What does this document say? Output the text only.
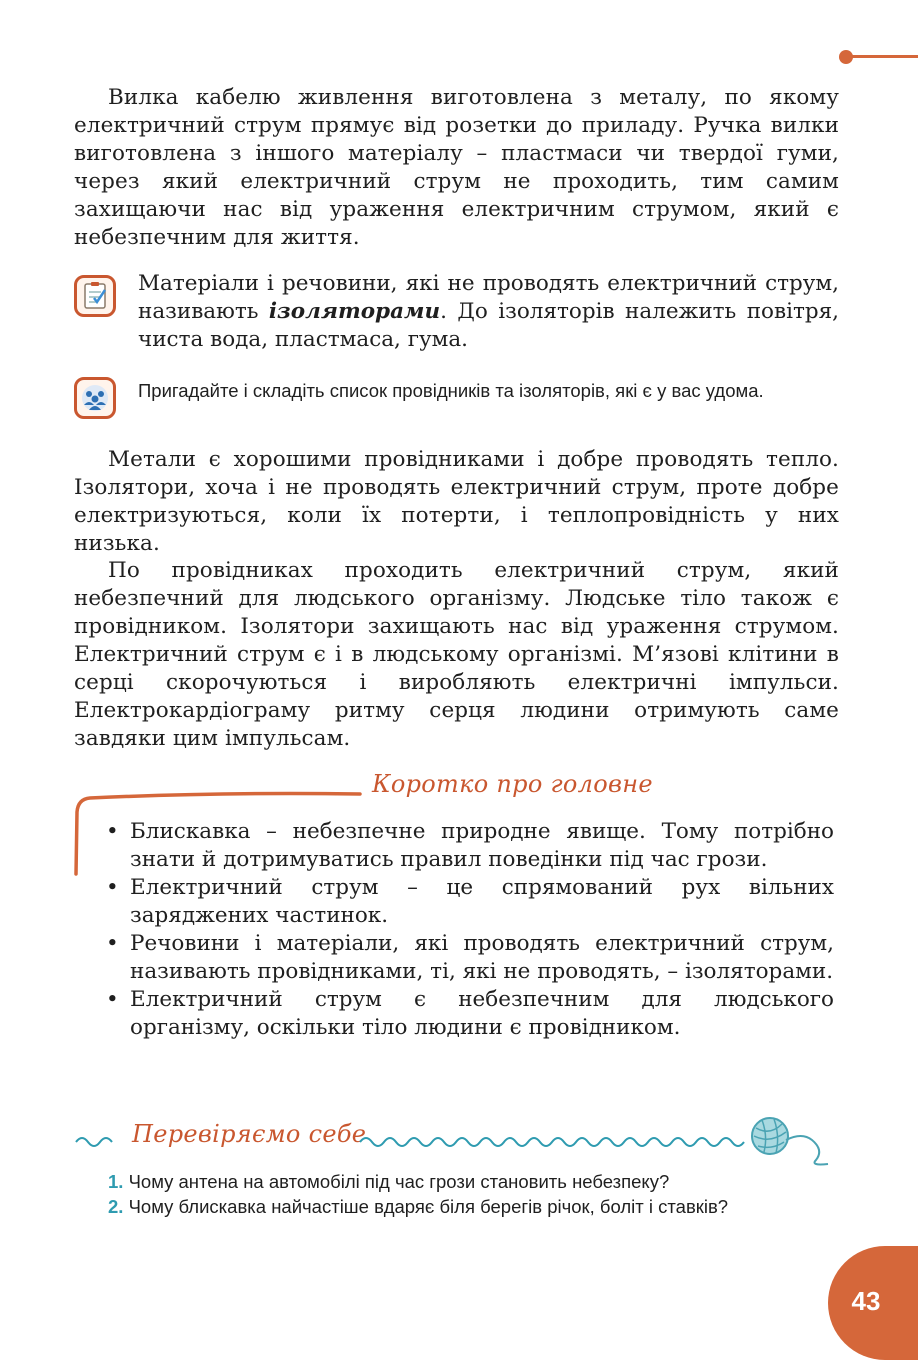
Вилка кабелю живлення виготовлена з металу, по якому електричний струм прямує від розетки до приладу. Ручка вилки виготовлена з іншого матеріалу – пластмаси чи твердої гуми, через який електричний струм не проходить, тим самим захищаючи нас від ураження електричним струмом, який є небезпечним для життя.

Матеріали і речовини, які не проводять електричний струм, називають ізоляторами. До ізоляторів належить повітря, чиста вода, пластмаса, гума.

Пригадайте і складіть список провідників та ізоляторів, які є у вас удома.

Метали є хорошими провідниками і добре проводять тепло. Ізолятори, хоча і не проводять електричний струм, проте добре електризуються, коли їх потерти, і теплопровідність у них низька.

По провідниках проходить електричний струм, який небезпечний для людського організму. Людське тіло також є провідником. Ізолятори захищають нас від ураження струмом. Електричний струм є і в людському організмі. М’язові клітини в серці скорочуються і виробляють електричні імпульси. Електрокардіограму ритму серця людини отримують саме завдяки цим імпульсам.

Коротко про головне
• Блискавка – небезпечне природне явище. Тому потрібно знати й дотримуватись правил поведінки під час грози.
• Електричний струм – це спрямований рух вільних заряджених частинок.
• Речовини і матеріали, які проводять електричний струм, називають провідниками, ті, які не проводять, – ізоляторами.
• Електричний струм є небезпечним для людського організму, оскільки тіло людини є провідником.
Перевіряємо себе

1. Чому антена на автомобілі під час грози становить небезпеку?

2. Чому блискавка найчастіше вдаряє біля берегів річок, боліт і ставків?

43
